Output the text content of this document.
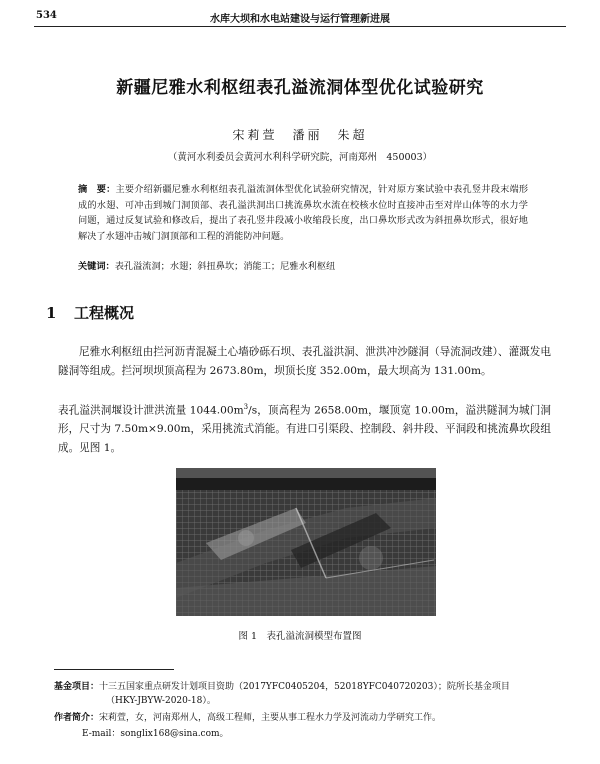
534	水库大坝和水电站建设与运行管理新进展
新疆尼雅水利枢纽表孔溢流洞体型优化试验研究
宋莉萱　潘丽　朱超
（黄河水利委员会黄河水利科学研究院，河南郑州　450003）
摘　要：主要介绍新疆尼雅水利枢纽表孔溢流洞体型优化试验研究情况，针对原方案试验中表孔竖井段末端形成的水翅、可冲击到城门洞顶部、表孔溢洪洞出口挑流鼻坎水流在校核水位时直接冲击至对岸山体等的水力学问题，通过反复试验和修改后，提出了表孔竖井段减小收缩段长度，出口鼻坎形式改为斜扭鼻坎形式，很好地解决了水翅冲击城门洞顶部和工程的消能防冲问题。
关键词：表孔溢流洞；水翅；斜扭鼻坎；消能工；尼雅水利枢纽
1 工程概况
尼雅水利枢纽由拦河沥青混凝土心墙砂砾石坝、表孔溢洪洞、泄洪冲沙隧洞（导流洞改建）、灌溉发电隧洞等组成。拦河坝坝顶高程为 2673.80m，坝顶长度 352.00m，最大坝高为 131.00m。
表孔溢洪洞堰设计泄洪流量 $1044.00m^3/s$，顶高程为 2658.00m，堰顶宽 10.00m，溢洪隧洞为城门洞形，尺寸为 7.50m×9.00m，采用挑流式消能。有进口引渠段、控制段、斜井段、平洞段和挑流鼻坎段组成。见图 1。
图 1　表孔溢流洞模型布置图
基金项目：十三五国家重点研发计划项目资助（2017YFC0405204，52018YFC040720203）；院所长基金项目
（HKY-JBYW-2020-18）。
作者简介：宋莉萱，女，河南郑州人，高级工程师，主要从事工程水力学及河流动力学研究工作。
E-mail：songlix168@sina.com。
